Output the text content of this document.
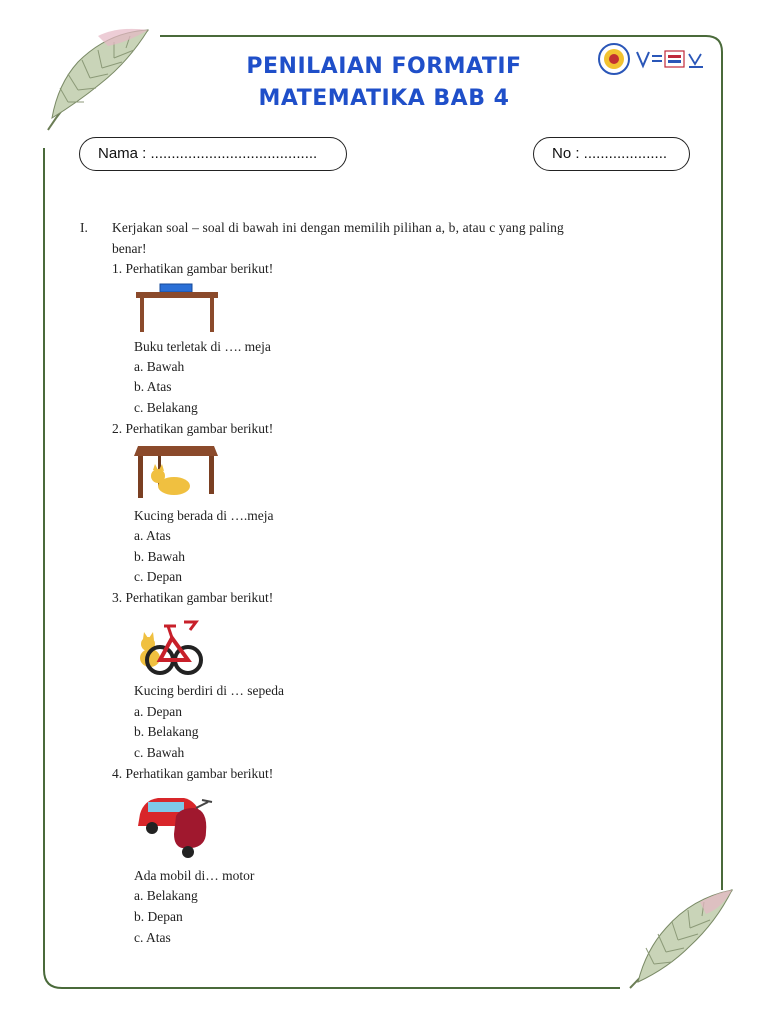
PENILAIAN FORMATIF
MATEMATIKA BAB 4
Nama : ........................................	No : ....................
I. Kerjakan soal – soal di bawah ini dengan memilih pilihan a, b, atau c yang paling
benar!
1. Perhatikan gambar berikut!
Buku terletak di …. meja
a. Bawah
b. Atas
c. Belakang
2. Perhatikan gambar berikut!
Kucing berada di ….meja
a. Atas
b. Bawah
c. Depan
3. Perhatikan gambar berikut!
Kucing berdiri di … sepeda
a. Depan
b. Belakang
c. Bawah
4. Perhatikan gambar berikut!
Ada mobil di… motor
a. Belakang
b. Depan
c. Atas
